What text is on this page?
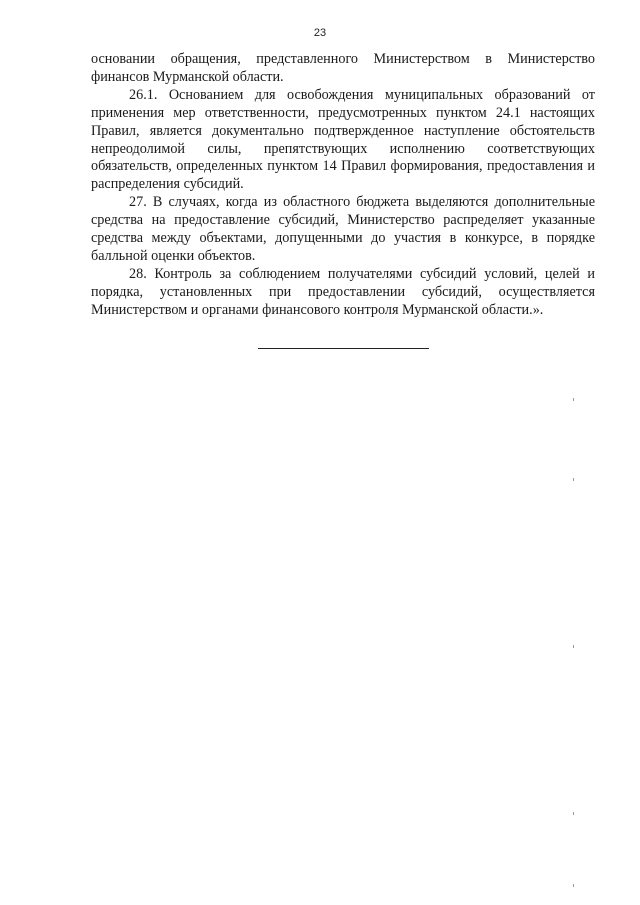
23

основании обращения, представленного Министерством в Министерство финансов Мурманской области.

26.1. Основанием для освобождения муниципальных образований от применения мер ответственности, предусмотренных пунктом 24.1 настоящих Правил, является документально подтвержденное наступление обстоятельств непреодолимой силы, препятствующих исполнению соответствующих обязательств, определенных пунктом 14 Правил формирования, предоставления и распределения субсидий.

27. В случаях, когда из областного бюджета выделяются дополнительные средства на предоставление субсидий, Министерство распределяет указанные средства между объектами, допущенными до участия в конкурсе, в порядке балльной оценки объектов.

28. Контроль за соблюдением получателями субсидий условий, целей и порядка, установленных при предоставлении субсидий, осуществляется Министерством и органами финансового контроля Мурманской области.».
